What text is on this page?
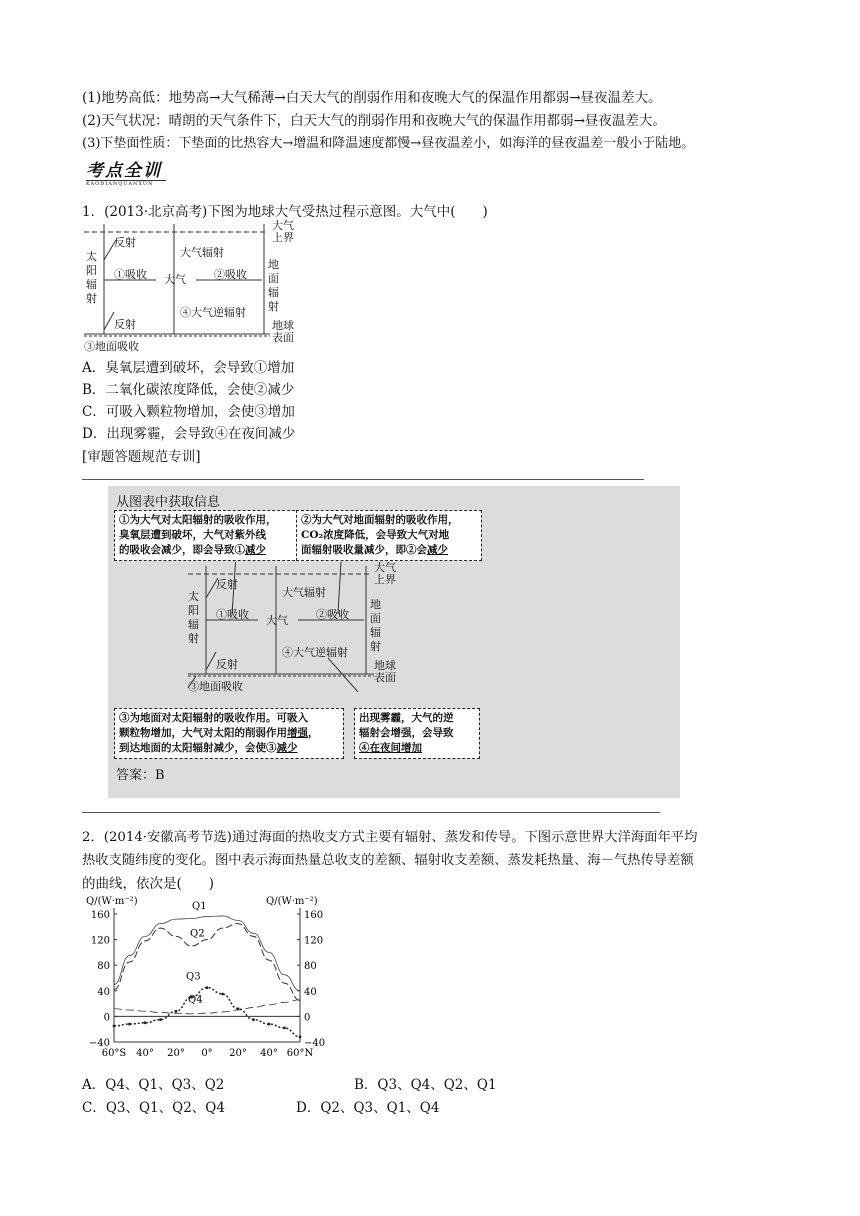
(1)地势高低：地势高→大气稀薄→白天大气的削弱作用和夜晚大气的保温作用都弱→昼夜温差大。
(2)天气状况：晴朗的天气条件下，白天大气的削弱作用和夜晚大气的保温作用都弱→昼夜温差大。
(3)下垫面性质：下垫面的比热容大→增温和降温速度都慢→昼夜温差小，如海洋的昼夜温差一般小于陆地。
考点全训
KAODIANQUANXUN
1．(2013·北京高考)下图为地球大气受热过程示意图。大气中(　　)
反射
大气辐射
①吸收 大气	②吸收
④大气逆辐射
反射
③地面吸收
太
阳
辐
射
地
面
辐
射
大气
上界
地球
表面
A．臭氧层遭到破坏，会导致①增加
B．二氧化碳浓度降低，会使②减少
C．可吸入颗粒物增加，会使③增加
D．出现雾霾，会导致④在夜间减少
[审题答题规范专训]
从图表中获取信息
①为大气对太阳辐射的吸收作用，
臭氧层遭到破坏，大气对紫外线
的吸收会减少，即会导致①减少
②为大气对地面辐射的吸收作用，
CO₂浓度降低，会导致大气对地
面辐射吸收量减少，即②会减少
反射
大气辐射
①吸收 大气	②吸收
④大气逆辐射
反射
③地面吸收
太
阳
辐
射
地
面
辐
射
大气
上界
地球
表面
③为地面对太阳辐射的吸收作用。可吸入
颗粒物增加，大气对太阳的削弱作用增强，
到达地面的太阳辐射减少，会使③减少
出现雾霾，大气的逆
辐射会增强，会导致
④在夜间增加
答案：B
2．(2014·安徽高考节选)通过海面的热收支方式主要有辐射、蒸发和传导。下图示意世界大洋海面年平均
热收支随纬度的变化。图中表示海面热量总收支的差额、辐射收支差额、蒸发耗热量、海－气热传导差额
的曲线，依次是(　　)
160	160
120	120
80	80
40	40
0	0
−40	−40
60°S 40° 20° 0° 20° 40° 60°N
Q/(W·m⁻²)	Q/(W·m⁻²)
Q1
Q2
Q3
Q4
A．Q4、Q1、Q3、Q2	B．Q3、Q4、Q2、Q1
C．Q3、Q1、Q2、Q4	D．Q2、Q3、Q1、Q4
